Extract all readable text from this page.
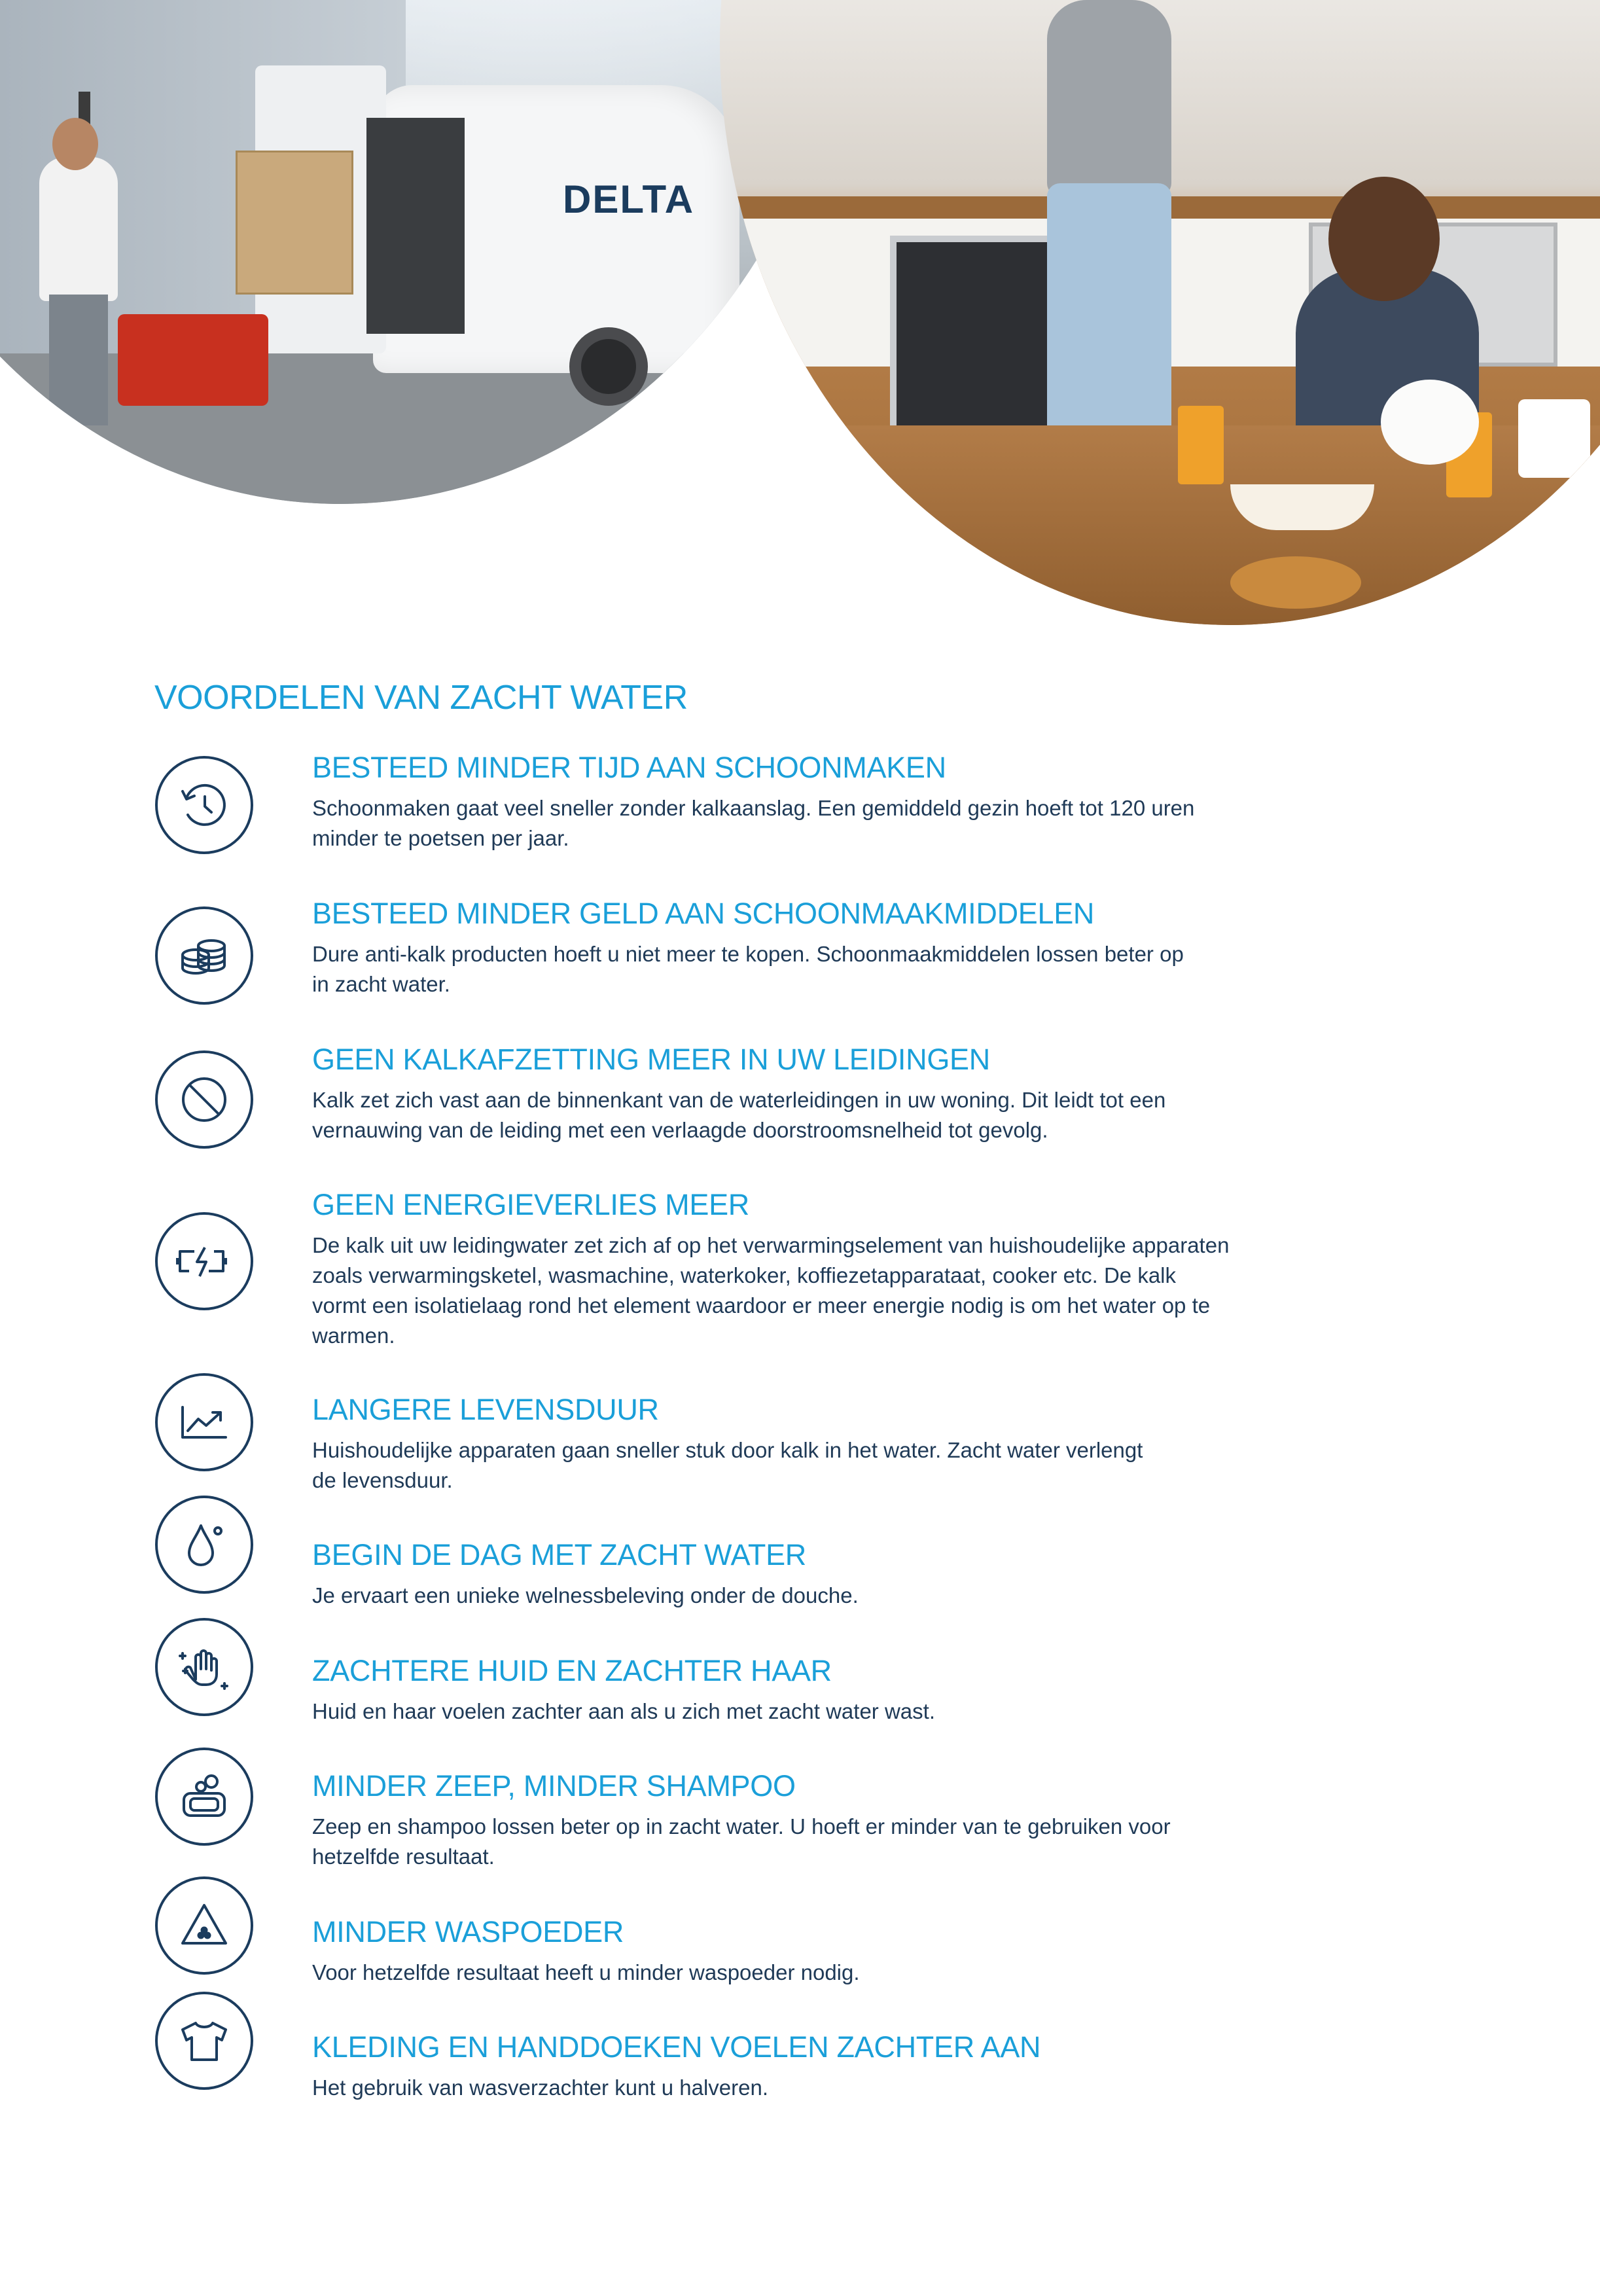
DELTA
VOORDELEN VAN ZACHT WATER
BESTEED MINDER TIJD AAN SCHOONMAKEN
Schoonmaken gaat veel sneller zonder kalkaanslag. Een gemiddeld gezin hoeft tot 120 uren
minder te poetsen per jaar.
BESTEED MINDER GELD AAN SCHOONMAAKMIDDELEN
Dure anti-kalk producten hoeft u niet meer te kopen. Schoonmaakmiddelen lossen beter op
in zacht water.
GEEN KALKAFZETTING MEER IN UW LEIDINGEN
Kalk zet zich vast aan de binnenkant van de waterleidingen in uw woning. Dit leidt tot een
vernauwing van de leiding met een verlaagde doorstroomsnelheid tot gevolg.
GEEN ENERGIEVERLIES MEER
De kalk uit uw leidingwater zet zich af op het verwarmingselement van huishoudelijke apparaten
zoals verwarmingsketel, wasmachine, waterkoker, koffiezetapparataat, cooker etc. De kalk
vormt een isolatielaag rond het element waardoor er meer energie nodig is om het water op te
warmen.
LANGERE LEVENSDUUR
Huishoudelijke apparaten gaan sneller stuk door kalk in het water. Zacht water verlengt
de levensduur.
BEGIN DE DAG MET ZACHT WATER
Je ervaart een unieke welnessbeleving onder de douche.
ZACHTERE HUID EN ZACHTER HAAR
Huid en haar voelen zachter aan als u zich met zacht water wast.
MINDER ZEEP, MINDER SHAMPOO
Zeep en shampoo lossen beter op in zacht water. U hoeft er minder van te gebruiken voor
hetzelfde resultaat.
MINDER WASPOEDER
Voor hetzelfde resultaat heeft u minder waspoeder nodig.
KLEDING EN HANDDOEKEN VOELEN ZACHTER AAN
Het gebruik van wasverzachter kunt u halveren.
